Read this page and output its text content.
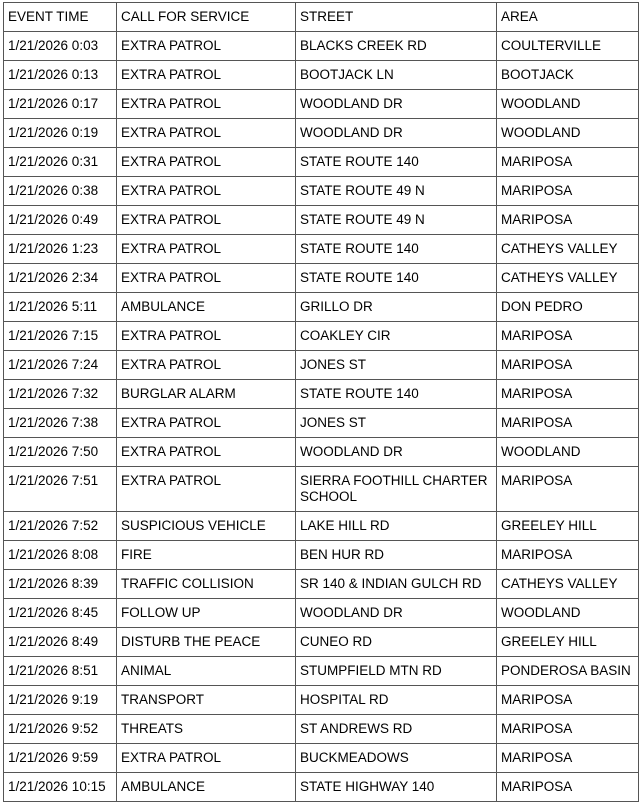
EVENT TIME	CALL FOR SERVICE	STREET	AREA
1/21/2026 0:03	EXTRA PATROL	BLACKS CREEK RD	COULTERVILLE
1/21/2026 0:13	EXTRA PATROL	BOOTJACK LN	BOOTJACK
1/21/2026 0:17	EXTRA PATROL	WOODLAND DR	WOODLAND
1/21/2026 0:19	EXTRA PATROL	WOODLAND DR	WOODLAND
1/21/2026 0:31	EXTRA PATROL	STATE ROUTE 140	MARIPOSA
1/21/2026 0:38	EXTRA PATROL	STATE ROUTE 49 N	MARIPOSA
1/21/2026 0:49	EXTRA PATROL	STATE ROUTE 49 N	MARIPOSA
1/21/2026 1:23	EXTRA PATROL	STATE ROUTE 140	CATHEYS VALLEY
1/21/2026 2:34	EXTRA PATROL	STATE ROUTE 140	CATHEYS VALLEY
1/21/2026 5:11	AMBULANCE	GRILLO DR	DON PEDRO
1/21/2026 7:15	EXTRA PATROL	COAKLEY CIR	MARIPOSA
1/21/2026 7:24	EXTRA PATROL	JONES ST	MARIPOSA
1/21/2026 7:32	BURGLAR ALARM	STATE ROUTE 140	MARIPOSA
1/21/2026 7:38	EXTRA PATROL	JONES ST	MARIPOSA
1/21/2026 7:50	EXTRA PATROL	WOODLAND DR	WOODLAND
1/21/2026 7:51	EXTRA PATROL	SIERRA FOOTHILL CHARTER SCHOOL	MARIPOSA
1/21/2026 7:52	SUSPICIOUS VEHICLE	LAKE HILL RD	GREELEY HILL
1/21/2026 8:08	FIRE	BEN HUR RD	MARIPOSA
1/21/2026 8:39	TRAFFIC COLLISION	SR 140 & INDIAN GULCH RD	CATHEYS VALLEY
1/21/2026 8:45	FOLLOW UP	WOODLAND DR	WOODLAND
1/21/2026 8:49	DISTURB THE PEACE	CUNEO RD	GREELEY HILL
1/21/2026 8:51	ANIMAL	STUMPFIELD MTN RD	PONDEROSA BASIN
1/21/2026 9:19	TRANSPORT	HOSPITAL RD	MARIPOSA
1/21/2026 9:52	THREATS	ST ANDREWS RD	MARIPOSA
1/21/2026 9:59	EXTRA PATROL	BUCKMEADOWS	MARIPOSA
1/21/2026 10:15	AMBULANCE	STATE HIGHWAY 140	MARIPOSA
